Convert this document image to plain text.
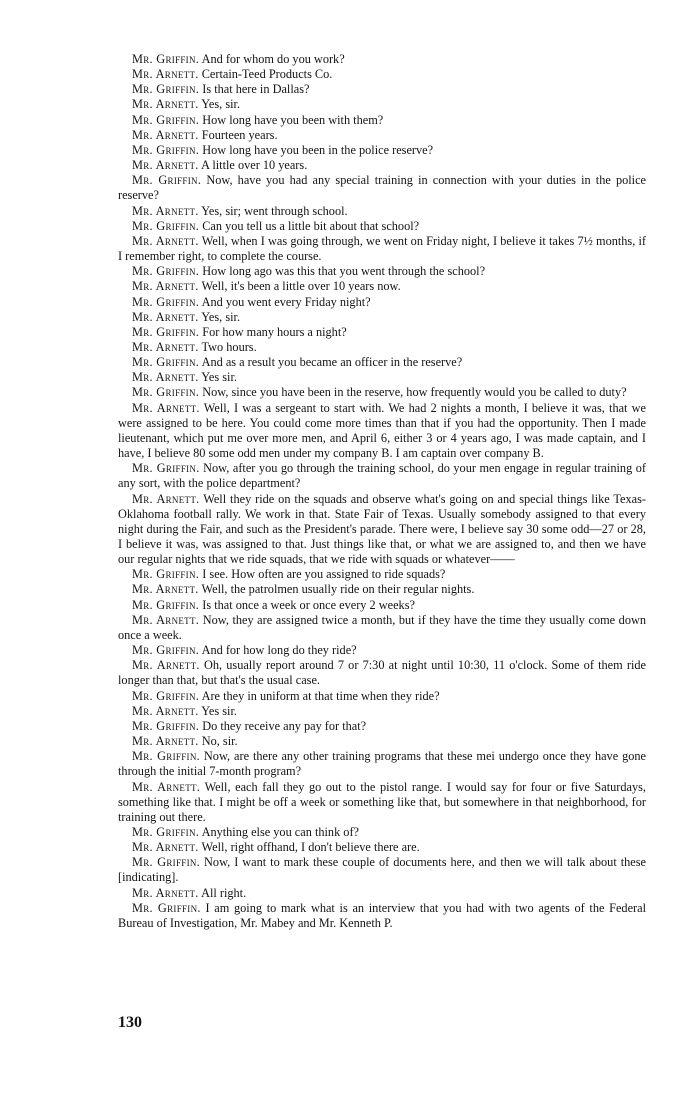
Mr. Griffin. And for whom do you work?

Mr. Arnett. Certain-Teed Products Co.

Mr. Griffin. Is that here in Dallas?

Mr. Arnett. Yes, sir.

Mr. Griffin. How long have you been with them?

Mr. Arnett. Fourteen years.

Mr. Griffin. How long have you been in the police reserve?

Mr. Arnett. A little over 10 years.

Mr. Griffin. Now, have you had any special training in connection with your duties in the police reserve?

Mr. Arnett. Yes, sir; went through school.

Mr. Griffin. Can you tell us a little bit about that school?

Mr. Arnett. Well, when I was going through, we went on Friday night, I believe it takes 7½ months, if I remember right, to complete the course.

Mr. Griffin. How long ago was this that you went through the school?

Mr. Arnett. Well, it's been a little over 10 years now.

Mr. Griffin. And you went every Friday night?

Mr. Arnett. Yes, sir.

Mr. Griffin. For how many hours a night?

Mr. Arnett. Two hours.

Mr. Griffin. And as a result you became an officer in the reserve?

Mr. Arnett. Yes sir.

Mr. Griffin. Now, since you have been in the reserve, how frequently would you be called to duty?

Mr. Arnett. Well, I was a sergeant to start with. We had 2 nights a month, I believe it was, that we were assigned to be here. You could come more times than that if you had the opportunity. Then I made lieutenant, which put me over more men, and April 6, either 3 or 4 years ago, I was made captain, and I have, I believe 80 some odd men under my company B. I am captain over company B.

Mr. Griffin. Now, after you go through the training school, do your men engage in regular training of any sort, with the police department?

Mr. Arnett. Well they ride on the squads and observe what's going on and special things like Texas-Oklahoma football rally. We work in that. State Fair of Texas. Usually somebody assigned to that every night during the Fair, and such as the President's parade. There were, I believe say 30 some odd—27 or 28, I believe it was, was assigned to that. Just things like that, or what we are assigned to, and then we have our regular nights that we ride squads, that we ride with squads or whatever——

Mr. Griffin. I see. How often are you assigned to ride squads?

Mr. Arnett. Well, the patrolmen usually ride on their regular nights.

Mr. Griffin. Is that once a week or once every 2 weeks?

Mr. Arnett. Now, they are assigned twice a month, but if they have the time they usually come down once a week.

Mr. Griffin. And for how long do they ride?

Mr. Arnett. Oh, usually report around 7 or 7:30 at night until 10:30, 11 o'clock. Some of them ride longer than that, but that's the usual case.

Mr. Griffin. Are they in uniform at that time when they ride?

Mr. Arnett. Yes sir.

Mr. Griffin. Do they receive any pay for that?

Mr. Arnett. No, sir.

Mr. Griffin. Now, are there any other training programs that these mei undergo once they have gone through the initial 7-month program?

Mr. Arnett. Well, each fall they go out to the pistol range. I would say for four or five Saturdays, something like that. I might be off a week or something like that, but somewhere in that neighborhood, for training out there.

Mr. Griffin. Anything else you can think of?

Mr. Arnett. Well, right offhand, I don't believe there are.

Mr. Griffin. Now, I want to mark these couple of documents here, and then we will talk about these [indicating].

Mr. Arnett. All right.

Mr. Griffin. I am going to mark what is an interview that you had with two agents of the Federal Bureau of Investigation, Mr. Mabey and Mr. Kenneth P.

130
